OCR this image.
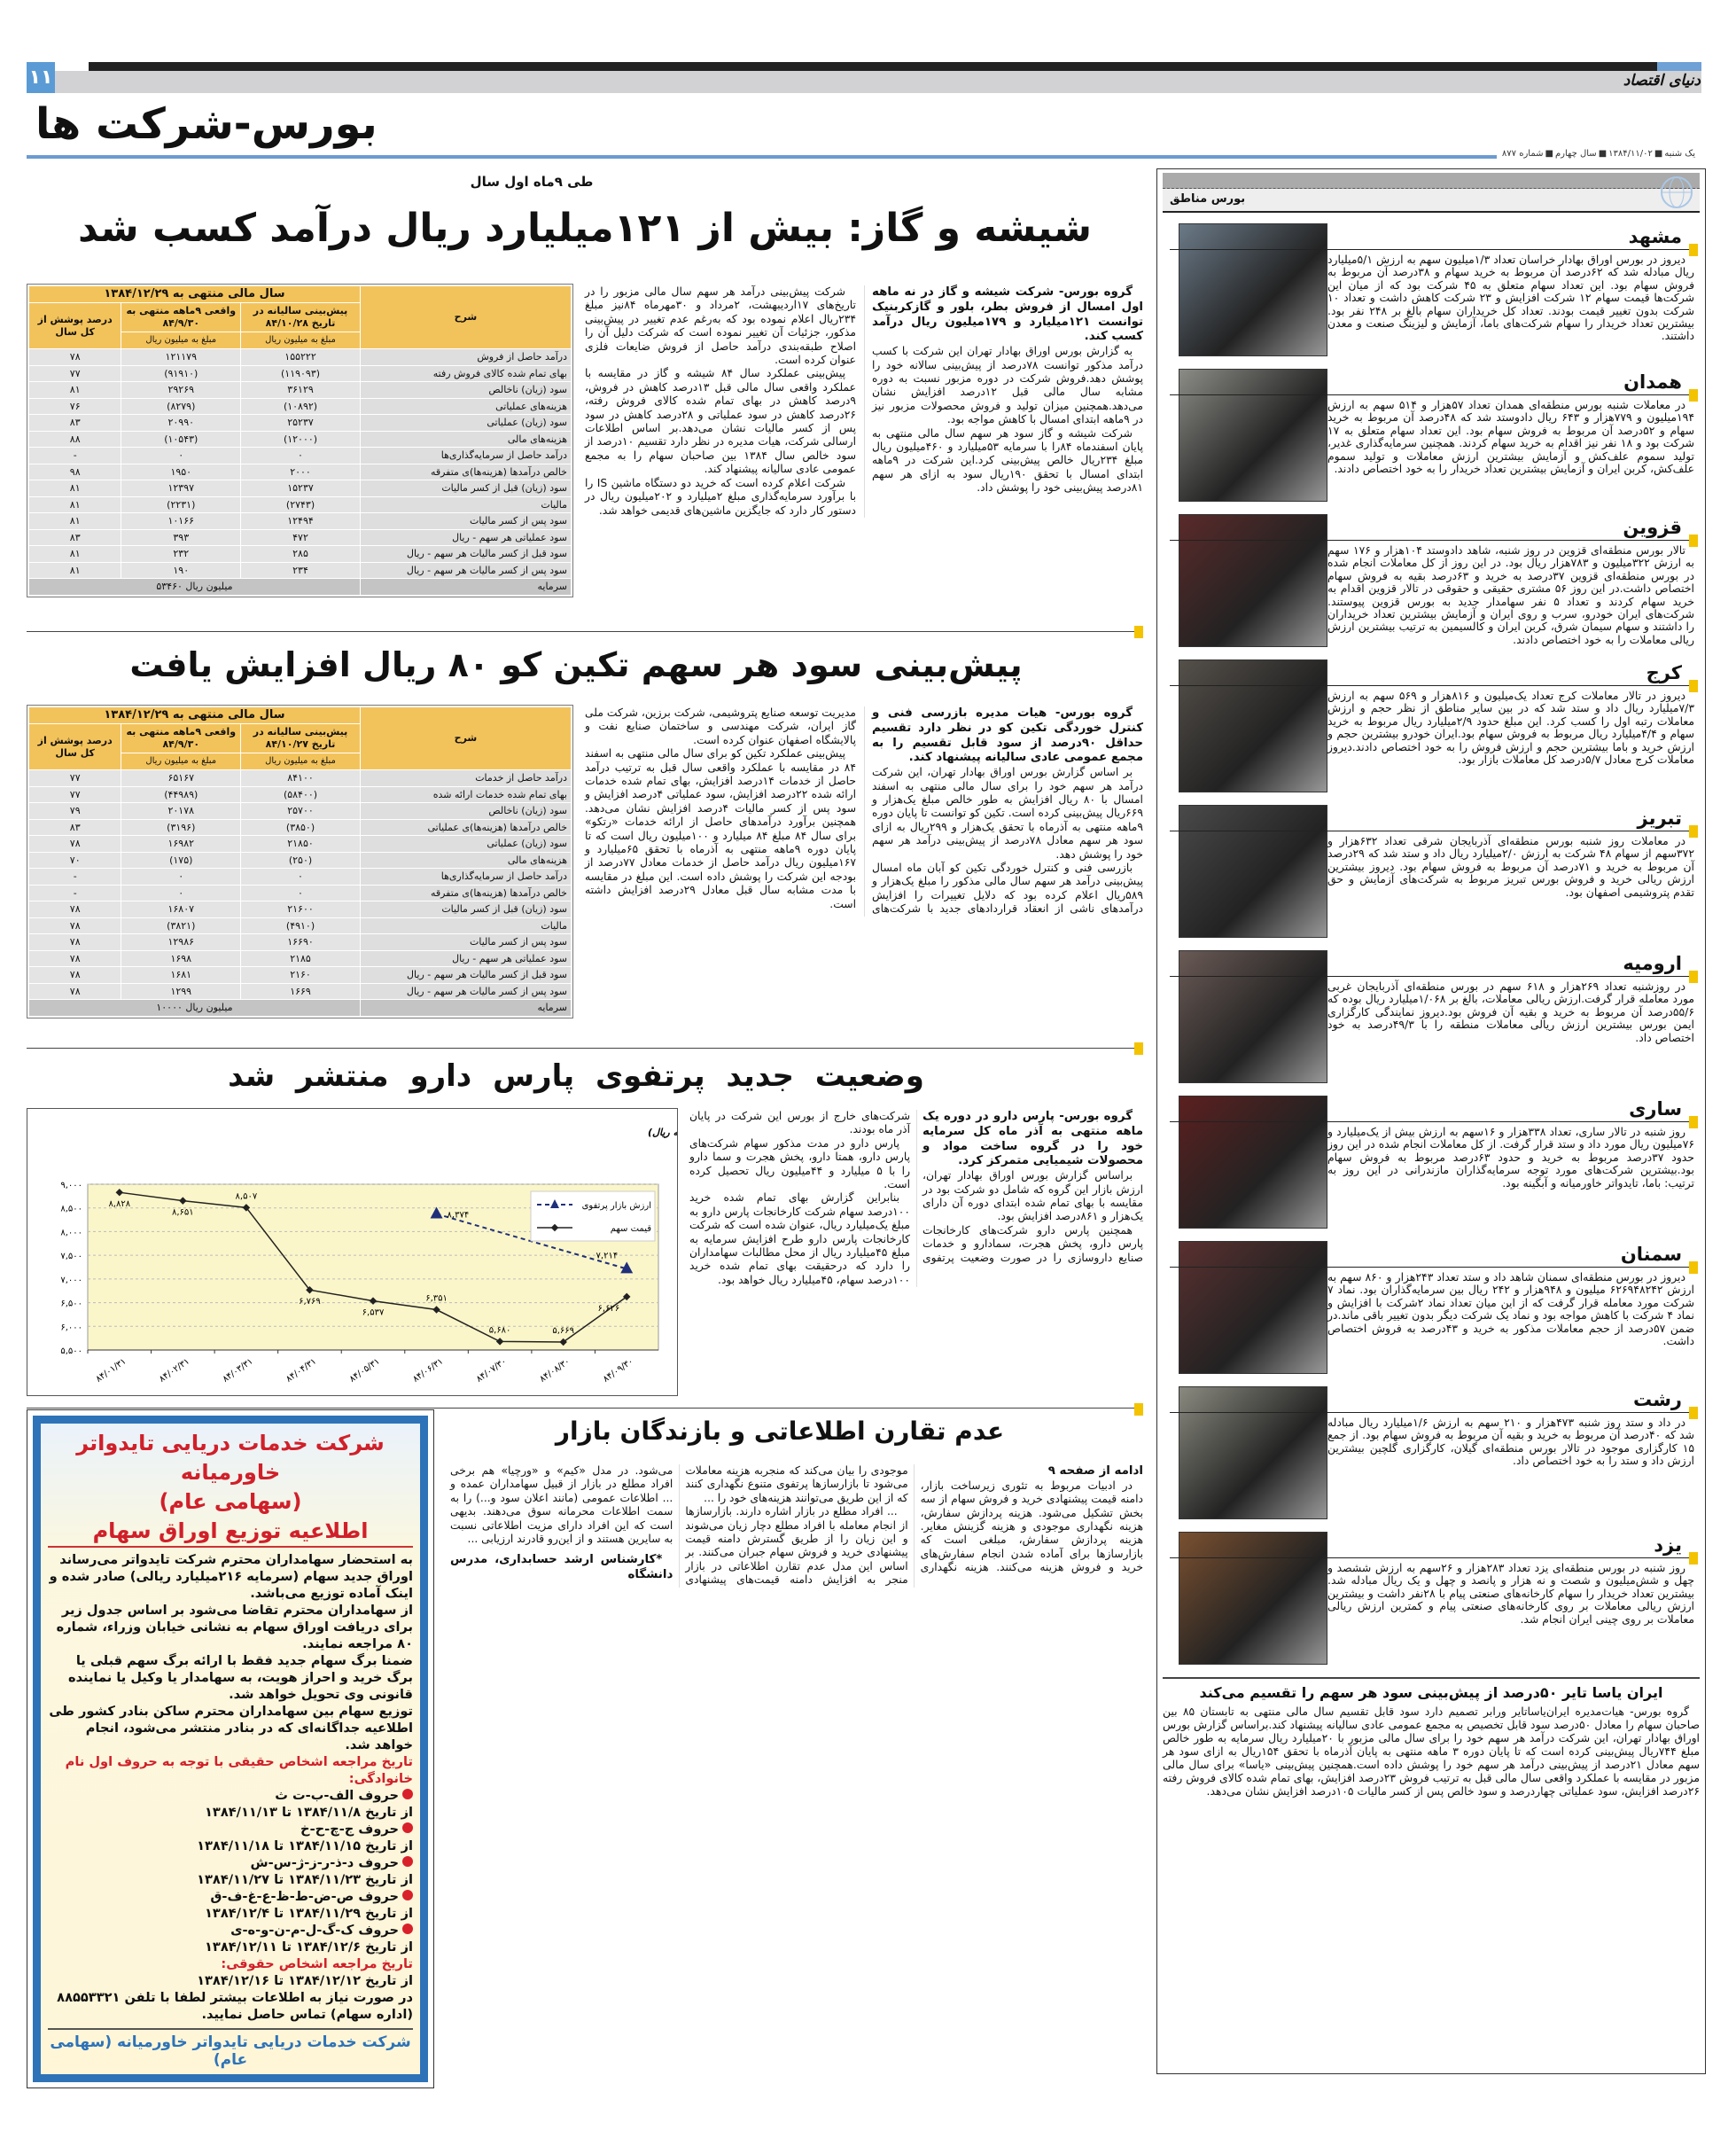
۱۱	دنیای اقتصاد
بورس-شرکت ها
یک شنبه■۱۳۸۴/۱۱/۰۲■سال چهارم■شماره ۸۷۷
طی ۹ماه اول سال
شیشه و گاز: بیش از ۱۲۱میلیارد ریال درآمد کسب شد
شرح	سال مالی منتهی به ۱۳۸۴/۱۲/۲۹		
	پیش‌بینی سالیانه در تاریخ ۸۴/۱۰/۲۸	واقعی ۹ماهه منتهی به ۸۴/۹/۳۰	درصد پوشش از کل سال
	مبلغ به میلیون ریال	مبلغ به میلیون ریال	
درآمد حاصل از فروش	۱۵۵۲۲۲	۱۲۱۱۷۹	۷۸
بهای تمام شده کالای فروش رفته	(۱۱۹۰۹۳)	(۹۱۹۱۰)	۷۷
سود (زیان) ناخالص	۳۶۱۲۹	۲۹۲۶۹	۸۱
هزینه‌های عملیاتی	(۱۰۸۹۲)	(۸۲۷۹)	۷۶
سود (زیان) عملیاتی	۲۵۲۳۷	۲۰۹۹۰	۸۳
هزینه‌های مالی	(۱۲۰۰۰)	(۱۰۵۴۳)	۸۸
درآمد حاصل از سرمایه‌گذاری‌ها	۰	۰	-
خالص درآمدها (هزینه‌ها)ی متفرقه	۲۰۰۰	۱۹۵۰	۹۸
سود (زیان) قبل از کسر مالیات	۱۵۲۳۷	۱۲۳۹۷	۸۱
مالیات	(۲۷۴۳)	(۲۲۳۱)	۸۱
سود پس از کسر مالیات	۱۲۴۹۴	۱۰۱۶۶	۸۱
سود عملیاتی هر سهم - ریال	۴۷۲	۳۹۳	۸۳
سود قبل از کسر مالیات هر سهم - ریال	۲۸۵	۲۳۲	۸۱
سود پس از کسر مالیات هر سهم - ریال	۲۳۴	۱۹۰	۸۱
سرمایه	میلیون ریال ۵۳۴۶۰		

گروه بورس- شرکت شیشه و گاز در نه ماهه اول امسال از فروش بطر، بلور و گازکربنیک توانست ۱۲۱میلیارد و ۱۷۹میلیون ریال درآمد کسب کند.

به گزارش بورس اوراق بهادار تهران این شرکت با کسب درآمد مذکور توانست ۷۸درصد از پیش‌بینی سالانه خود را پوشش دهد.فروش شرکت در دوره مزبور نسبت به دوره مشابه سال مالی قبل ۱۲درصد افزایش نشان می‌دهد.همچنین میزان تولید و فروش محصولات مزبور نیز در ۹ماهه ابتدای امسال با کاهش مواجه بود.

شرکت شیشه و گاز سود هر سهم سال مالی منتهی به پایان اسفندماه ۸۴را با سرمایه ۵۳میلیارد و ۴۶۰میلیون ریال مبلغ ۲۳۴ریال خالص پیش‌بینی کرد.این شرکت در ۹ماهه ابتدای امسال با تحقق ۱۹۰ریال سود به ازای هر سهم ۸۱درصد پیش‌بینی خود را پوشش داد.

شرکت پیش‌بینی درآمد هر سهم سال مالی مزبور را در تاریخ‌های ۱۷اردیبهشت، ۲مرداد و ۳۰مهرماه ۸۴نیز مبلغ ۲۳۴ریال اعلام نموده بود که به‌رغم عدم تغییر در پیش‌بینی مذکور، جزئیات آن تغییر نموده است که شرکت دلیل آن را اصلاح طبقه‌بندی درآمد حاصل از فروش ضایعات فلزی عنوان کرده است.

پیش‌بینی عملکرد سال ۸۴ شیشه و گاز در مقایسه با عملکرد واقعی سال مالی قبل ۱۳درصد کاهش در فروش، ۹درصد کاهش در بهای تمام شده کالای فروش رفته، ۲۶درصد کاهش در سود عملیاتی و ۲۸درصد کاهش در سود پس از کسر مالیات نشان می‌دهد.بر اساس اطلاعات ارسالی شرکت، هیات مدیره در نظر دارد تقسیم ۱۰درصد از سود خالص سال ۱۳۸۴ بین صاحبان سهام را به مجمع عمومی عادی سالیانه پیشنهاد کند.

شرکت اعلام کرده است که خرید دو دستگاه ماشین IS را با برآورد سرمایه‌گذاری مبلغ ۲میلیارد و ۲۰۲میلیون ریال در دستور کار دارد که جایگزین ماشین‌های قدیمی خواهد شد.

پیش‌بینی سود هر سهم تکین کو ۸۰ ریال افزایش یافت
شرح	سال مالی منتهی به ۱۳۸۴/۱۲/۲۹		
	پیش‌بینی سالیانه در تاریخ ۸۴/۱۰/۲۷	واقعی ۹ماهه منتهی به ۸۴/۹/۳۰	درصد پوشش از کل سال
	مبلغ به میلیون ریال	مبلغ به میلیون ریال	
درآمد حاصل از خدمات	۸۴۱۰۰	۶۵۱۶۷	۷۷
بهای تمام شده خدمات ارائه شده	(۵۸۴۰۰)	(۴۴۹۸۹)	۷۷
سود (زیان) ناخالص	۲۵۷۰۰	۲۰۱۷۸	۷۹
خالص درآمدها (هزینه‌ها)ی عملیاتی	(۳۸۵۰)	(۳۱۹۶)	۸۳
سود (زیان) عملیاتی	۲۱۸۵۰	۱۶۹۸۲	۷۸
هزینه‌های مالی	(۲۵۰)	(۱۷۵)	۷۰
درآمد حاصل از سرمایه‌گذاری‌ها	۰	۰	-
خالص درآمدها (هزینه‌ها)ی متفرقه	۰	۰	-
سود (زیان) قبل از کسر مالیات	۲۱۶۰۰	۱۶۸۰۷	۷۸
مالیات	(۴۹۱۰)	(۳۸۲۱)	۷۸
سود پس از کسر مالیات	۱۶۶۹۰	۱۲۹۸۶	۷۸
سود عملیاتی هر سهم - ریال	۲۱۸۵	۱۶۹۸	۷۸
سود قبل از کسر مالیات هر سهم - ریال	۲۱۶۰	۱۶۸۱	۷۸
سود پس از کسر مالیات هر سهم - ریال	۱۶۶۹	۱۲۹۹	۷۸
سرمایه	میلیون ریال ۱۰۰۰۰		

گروه بورس- هیات مدیره بازرسی فنی و کنترل خوردگی تکین کو در نظر دارد تقسیم حداقل ۹۰درصد از سود قابل تقسیم را به مجمع عمومی عادی سالیانه پیشنهاد کند.

بر اساس گزارش بورس اوراق بهادار تهران، این شرکت درآمد هر سهم خود را برای سال مالی منتهی به اسفند امسال با ۸۰ ریال افزایش به طور خالص مبلغ یک‌هزار و ۶۶۹ریال پیش‌بینی کرده است. تکین کو توانست تا پایان دوره ۹ماهه منتهی به آذرماه با تحقق یک‌هزار و ۲۹۹ریال به ازای سود هر سهم معادل ۷۸درصد از پیش‌بینی درآمد هر سهم خود را پوشش دهد.

بازرسی فنی و کنترل خوردگی تکین کو آبان ماه امسال پیش‌بینی درآمد هر سهم سال مالی مذکور را مبلغ یک‌هزار و ۵۸۹ریال اعلام کرده بود که دلایل تغییرات را افزایش درآمدهای ناشی از انعقاد قراردادهای جدید با شرکت‌های مدیریت توسعه صنایع پتروشیمی، شرکت برزین، شرکت ملی گاز ایران، شرکت مهندسی و ساختمان صنایع نفت و پالایشگاه اصفهان عنوان کرده است.

پیش‌بینی عملکرد تکین کو برای سال مالی منتهی به اسفند ۸۴ در مقایسه با عملکرد واقعی سال قبل به ترتیب درآمد حاصل از خدمات ۱۴درصد افزایش، بهای تمام شده خدمات ارائه شده ۲۲درصد افزایش، سود عملیاتی ۴درصد افزایش و سود پس از کسر مالیات ۴درصد افزایش نشان می‌دهد. همچنین برآورد درآمدهای حاصل از ارائه خدمات «رتکو» برای سال ۸۴ مبلغ ۸۴ میلیارد و ۱۰۰میلیون ریال است که تا پایان دوره ۹ماهه منتهی به آذرماه با تحقق ۶۵میلیارد و ۱۶۷میلیون ریال درآمد حاصل از خدمات معادل ۷۷درصد از بودجه این شرکت را پوشش داده است. این مبلغ در مقایسه با مدت مشابه سال قبل معادل ۲۹درصد افزایش داشته است.

وضعیت جدید پرتفوی پارس دارو منتشر شد
ریال)
۵,۵۰۰
۶,۰۰۰
۶,۵۰۰
۷,۰۰۰
۷,۵۰۰
۸,۰۰۰
۸,۵۰۰
۹,۰۰۰
۸۴/۰۱/۳۱	۸۴/۰۲/۳۱	۸۴/۰۳/۳۱	۸۴/۰۴/۳۱	۸۴/۰۵/۳۱	۸۴/۰۶/۳۱	۸۴/۰۷/۳۰	۸۴/۰۸/۳۰	۸۴/۰۹/۳۰
۸,۸۲۸
۸,۶۵۱
۸,۵۰۷
۶,۷۶۹
۶,۵۳۷
۶,۳۵۱
۵,۶۸۰	۵,۶۶۹
۶,۶۲۶
۸,۳۷۴
۷,۲۱۴
ارزش بازار پرتفوی
قیمت سهم

گروه بورس- پارس دارو در دوره یک ماهه منتهی به آذر ماه کل سرمایه خود را در گروه ساخت مواد و محصولات شیمیایی متمرکز کرد.

براساس گزارش بورس اوراق بهادار تهران، ارزش بازار این گروه که شامل دو شرکت بود در مقایسه با بهای تمام شده ابتدای دوره آن دارای یک‌هزار و ۸۶۱درصد افزایش بود.

همچنین پارس دارو شرکت‌های کارخانجات پارس دارو، پخش هجرت، سمادارو و خدمات صنایع داروسازی را در صورت وضعیت پرتفوی شرکت‌های خارج از بورس این شرکت در پایان آذر ماه بودند.

پارس دارو در مدت مذکور سهام شرکت‌های پارس دارو، همتا دارو، پخش هجرت و سما دارو را با ۵ میلیارد و ۴۴میلیون ریال تحصیل کرده است.

بنابراین گزارش بهای تمام شده خرید ۱۰۰درصد سهام شرکت کارخانجات پارس دارو به مبلغ یک‌میلیارد ریال، عنوان شده است که شرکت کارخانجات پارس دارو طرح افزایش سرمایه به مبلغ ۴۵میلیارد ریال از محل مطالبات سهامداران را دارد که درحقیقت بهای تمام شده خرید ۱۰۰درصد سهام، ۴۵میلیارد ریال خواهد بود.

شرکت خدمات دریایی تایدواتر خاورمیانه
(سهامی عام)
اطلاعیه توزیع اوراق سهام
به استحضار سهامداران محترم شرکت تایدواتر می‌رساند اوراق جدید سهام (سرمایه ۲۱۶میلیارد ریالی) صادر شده و اینک آماده توزیع می‌باشد.
از سهامداران محترم تقاضا می‌شود بر اساس جدول زیر برای دریافت اوراق سهام به نشانی خیابان وزراء، شماره ۸۰ مراجعه نمایند.
ضمنا برگ سهام جدید فقط با ارائه برگ سهم قبلی یا برگ خرید و احراز هویت، به سهامدار یا وکیل یا نماینده قانونی وی تحویل خواهد شد.
توزیع سهام بین سهامداران محترم ساکن بنادر کشور طی اطلاعیه جداگانه‌ای که در بنادر منتشر می‌شود، انجام خواهد شد.
تاریخ مراجعه اشخاص حقیقی با توجه به حروف اول نام خانوادگی:
حروف الف-ب-ت ث
از تاریخ ۱۳۸۴/۱۱/۸ تا ۱۳۸۴/۱۱/۱۳
حروف ج-چ-ح-خ
از تاریخ ۱۳۸۴/۱۱/۱۵ تا ۱۳۸۴/۱۱/۱۸
حروف د-ذ-ر-ز-ژ-س-ش
از تاریخ ۱۳۸۴/۱۱/۲۳ تا ۱۳۸۴/۱۱/۲۷
حروف ص-ض-ط-ظ-ع-غ-ف-ق
از تاریخ ۱۳۸۴/۱۱/۲۹ تا ۱۳۸۴/۱۲/۴
حروف ک-گ-ل-م-ن-و-ه-ی
از تاریخ ۱۳۸۴/۱۲/۶ تا ۱۳۸۴/۱۲/۱۱
تاریخ مراجعه اشخاص حقوقی:
از تاریخ ۱۳۸۴/۱۲/۱۲ تا ۱۳۸۴/۱۲/۱۶
در صورت نیاز به اطلاعات بیشتر لطفا با تلفن ۸۸۵۵۳۳۲۱ (اداره سهام) تماس حاصل نمایید.
شرکت خدمات دریایی تایدواتر خاورمیانه (سهامی عام)
عدم تقارن اطلاعاتی و بازندگان بازار

ادامه از صفحه ۹

در ادبیات مربوط به تئوری زیرساخت بازار، دامنه قیمت پیشنهادی خرید و فروش سهام از سه بخش تشکیل می‌شود. هزینه پردازش سفارش، هزینه نگهداری موجودی و هزینه گزینش مغایر. هزینه پردازش سفارش، مبلغی است که بازارسازها برای آماده شدن انجام سفارش‌های خرید و فروش هزینه می‌کنند. هزینه نگهداری موجودی را بیان می‌کند که منجربه هزینه معاملات می‌شود تا بازارسازها پرتفوی متنوع نگهداری کنند که از این طریق می‌توانند هزینه‌های خود را ...

... افراد مطلع در بازار اشاره دارند. بازارسازها از انجام معامله با افراد مطلع دچار زیان می‌شوند و این زیان را از طریق گسترش دامنه قیمت پیشنهادی خرید و فروش سهام جبران می‌کنند. بر اساس این مدل عدم تقارن اطلاعاتی در بازار منجر به افزایش دامنه قیمت‌های پیشنهادی می‌شود. در مدل «کیم» و «ورچیا» هم برخی افراد مطلع در بازار از قبیل سهامداران عمده و ... اطلاعات عمومی (مانند اعلان سود و...) را به سمت اطلاعات محرمانه سوق می‌دهند. بدیهی است که این افراد دارای مزیت اطلاعاتی نسبت به سایرین هستند و از این‌رو قادرند ارزیابی ...

*کارشناس ارشد حسابداری، مدرس دانشگاه

بورس مناطق
مشهد

دیروز در بورس اوراق بهادار خراسان تعداد ۱/۳میلیون سهم به ارزش ۵/۱میلیارد ریال مبادله شد که ۶۲درصد آن مربوط به خرید سهام و ۳۸درصد آن مربوط به فروش سهام بود. این تعداد سهام متعلق به ۴۵ شرکت بود که از میان این شرکت‌ها قیمت سهام ۱۲ شرکت افزایش و ۲۳ شرکت کاهش داشت و تعداد ۱۰ شرکت بدون تغییر قیمت بودند. تعداد کل خریداران سهام بالغ بر ۲۴۸ نفر بود. بیشترین تعداد خریدار را سهام شرکت‌های باما، آزمایش و لیزینگ صنعت و معدن داشتند.

همدان

در معاملات شنبه بورس منطقه‌ای همدان تعداد ۵۷هزار و ۵۱۴ سهم به ارزش ۱۹۴میلیون و ۷۷۹هزار و ۶۴۳ ریال دادوستد شد که ۴۸درصد آن مربوط به خرید سهام و ۵۲درصد آن مربوط به فروش سهام بود. این تعداد سهام متعلق به ۱۷ شرکت بود و ۱۸ نفر نیز اقدام به خرید سهام کردند. همچنین سرمایه‌گذاری غدیر، تولید سموم علف‌کش و آزمایش بیشترین ارزش معاملات و تولید سموم علف‌کش، کربن ایران و آزمایش بیشترین تعداد خریدار را به خود اختصاص دادند.

قزوین

تالار بورس منطقه‌ای قزوین در روز شنبه، شاهد دادوستد ۱۰۴هزار و ۱۷۶ سهم به ارزش ۳۲۲میلیون و ۷۸۳هزار ریال بود. در این روز از کل معاملات انجام شده در بورس منطقه‌ای قزوین ۳۷درصد به خرید و ۶۳درصد بقیه به فروش سهام اختصاص داشت.در این روز ۵۶ مشتری حقیقی و حقوقی در تالار قزوین اقدام به خرید سهام کردند و تعداد ۵ نفر سهامدار جدید به بورس قزوین پیوستند. شرکت‌های ایران خودرو، سرب و روی ایران و آزمایش بیشترین تعداد خریداران را داشتند و سهام سیمان شرق، کربن ایران و کالسیمین به ترتیب بیشترین ارزش ریالی معاملات را به خود اختصاص دادند.

کرج

دیروز در تالار معاملات کرج تعداد یک‌میلیون و ۸۱۶هزار و ۵۶۹ سهم به ارزش ۷/۳میلیارد ریال داد و ستد شد که در بین سایر مناطق از نظر حجم و ارزش معاملات رتبه اول را کسب کرد. این مبلغ حدود ۲/۹میلیارد ریال مربوط به خرید سهام و ۴/۴میلیارد ریال مربوط به فروش سهام بود.ایران خودرو بیشترین حجم و ارزش خرید و باما بیشترین حجم و ارزش فروش را به خود اختصاص دادند.دیروز معاملات کرج معادل ۵/۷درصد کل معاملات بازار بود.

تبریز

در معاملات روز شنبه بورس منطقه‌ای آذربایجان شرقی تعداد ۶۳۲هزار و ۳۷۲سهم از سهام ۴۸ شرکت به ارزش ۲/۰میلیارد ریال داد و ستد شد که ۲۹درصد آن مربوط به خرید و ۷۱درصد آن مربوط به فروش سهام بود. دیروز بیشترین ارزش ریالی خرید و فروش بورس تبریز مربوط به شرکت‌های آزمایش و حق تقدم پتروشیمی اصفهان بود.

ارومیه

در روزشنبه تعداد ۲۶۹هزار و ۶۱۸ سهم در بورس منطقه‌ای آذربایجان غربی مورد معامله قرار گرفت.ارزش ریالی معاملات، بالغ بر ۱/۰۶۸میلیارد ریال بوده که ۵۵/۶درصد آن مربوط به خرید و بقیه آن فروش بود.دیروز نمایندگی کارگزاری ایمن بورس بیشترین ارزش ریالی معاملات منطقه را با ۴۹/۳درصد به خود اختصاص داد.

ساری

روز شنبه در تالار ساری، تعداد ۳۳۸هزار و ۱۶سهم به ارزش بیش از یک‌میلیارد و ۷۶میلیون ریال مورد داد و ستد قرار گرفت. از کل معاملات انجام شده در این روز حدود ۳۷درصد مربوط به خرید و حدود ۶۳درصد مربوط به فروش سهام بود.بیشترین شرکت‌های مورد توجه سرمایه‌گذاران مازندرانی در این روز به ترتیب: باما، تایدواتر خاورمیانه و آبگینه بود.

سمنان

دیروز در بورس منطقه‌ای سمنان شاهد داد و ستد تعداد ۲۴۳هزار و ۸۶۰ سهم به ارزش ۶۲۶۹۴۸۲۴۲ میلیون و ۹۴۸هزار و ۲۴۲ ریال بین سرمایه‌گذاران بود. نماد ۷ شرکت مورد معامله قرار گرفت که از این میان تعداد نماد ۲شرکت با افزایش و نماد ۴ شرکت با کاهش مواجه بود و نماد یک شرکت دیگر بدون تغییر باقی ماند.در ضمن ۵۷درصد از حجم معاملات مذکور به خرید و ۴۳درصد به فروش اختصاص داشت.

رشت

در داد و ستد روز شنبه ۴۷۳هزار و ۲۱۰ سهم به ارزش ۱/۶میلیارد ریال مبادله شد که ۴۰درصد آن مربوط به خرید و بقیه آن مربوط به فروش سهام بود. از جمع ۱۵ کارگزاری موجود در تالار بورس منطقه‌ای گیلان، کارگزاری گلچین بیشترین ارزش داد و ستد را به خود اختصاص داد.

یزد

روز شنبه در بورس منطقه‌ای یزد تعداد ۲۸۳هزار و ۲۶سهم به ارزش ششصد و چهل و شش‌میلیون و شصت و نه هزار و پانصد و چهل و یک ریال مبادله شد. بیشترین تعداد خریدار را سهام کارخانه‌های صنعتی پیام با ۲۸نفر داشت و بیشترین ارزش ریالی معاملات بر روی کارخانه‌های صنعتی پیام و کمترین ارزش ریالی معاملات بر روی چینی ایران انجام شد.

ایران یاسا تایر ۵۰درصد از پیش‌بینی سود هر سهم را تقسیم می‌کند

گروه بورس- هیات‌مدیره ایران‌یاساتایر ورابر تصمیم دارد سود قابل تقسیم سال مالی منتهی به تابستان ۸۵ بین صاحبان سهام را معادل ۵۰درصد سود قابل تخصیص به مجمع عمومی عادی سالیانه پیشنهاد کند.براساس گزارش بورس اوراق بهادار تهران، این شرکت درآمد هر سهم خود را برای سال مالی مزبور با ۲۰میلیارد ریال سرمایه به طور خالص مبلغ ۷۴۴ریال پیش‌بینی کرده است که تا پایان دوره ۳ ماهه منتهی به پایان آذرماه با تحقق ۱۵۴ریال به ازای سود هر سهم معادل ۲۱درصد از پیش‌بینی درآمد هر سهم خود را پوشش داده است.همچنین پیش‌بینی «یاسا» برای سال مالی مزبور در مقایسه با عملکرد واقعی سال مالی قبل به ترتیب فروش ۲۳درصد افزایش، بهای تمام شده کالای فروش رفته ۲۶درصد افزایش، سود عملیاتی چهاردرصد و سود خالص پس از کسر مالیات ۱۰۵درصد افزایش نشان می‌دهد.
